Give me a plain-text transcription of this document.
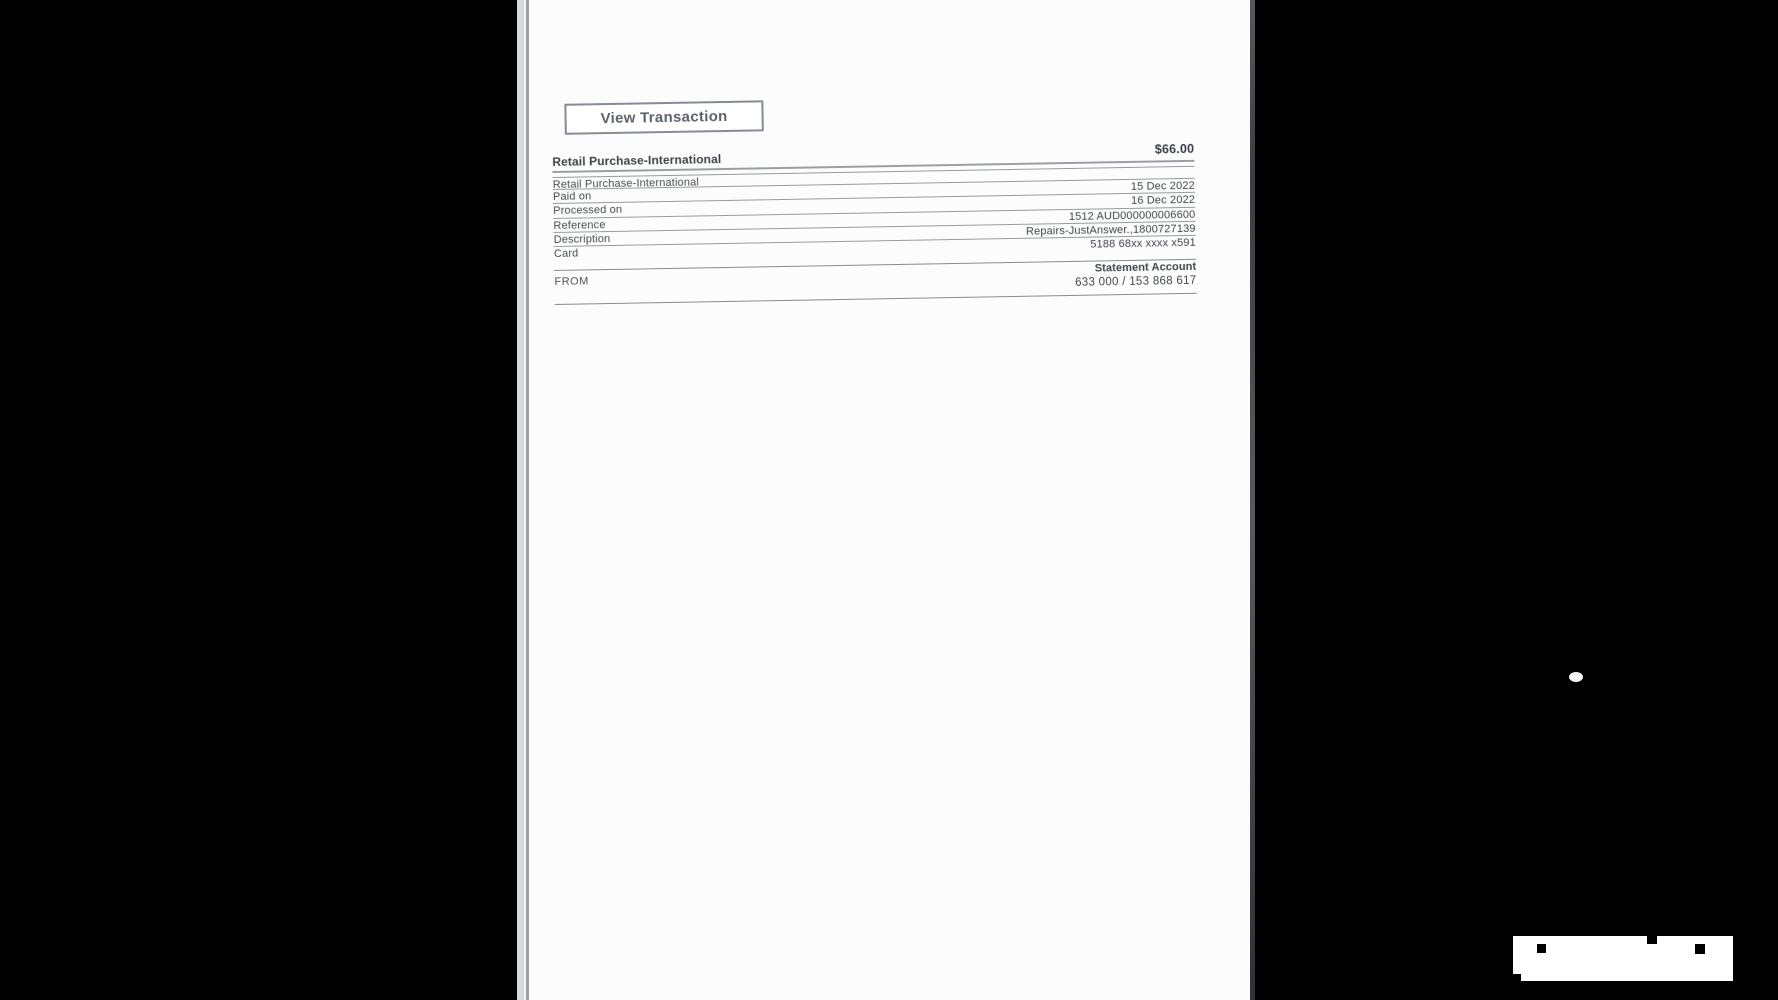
View Transaction
Retail Purchase-International
$66.00
Retail Purchase-International
Paid on
15 Dec 2022
Processed on
16 Dec 2022
Reference
1512 AUD000000006600
Description
Repairs-JustAnswer.,1800727139
Card
5188 68xx xxxx x591
FROM
Statement Account
633 000 / 153 868 617
